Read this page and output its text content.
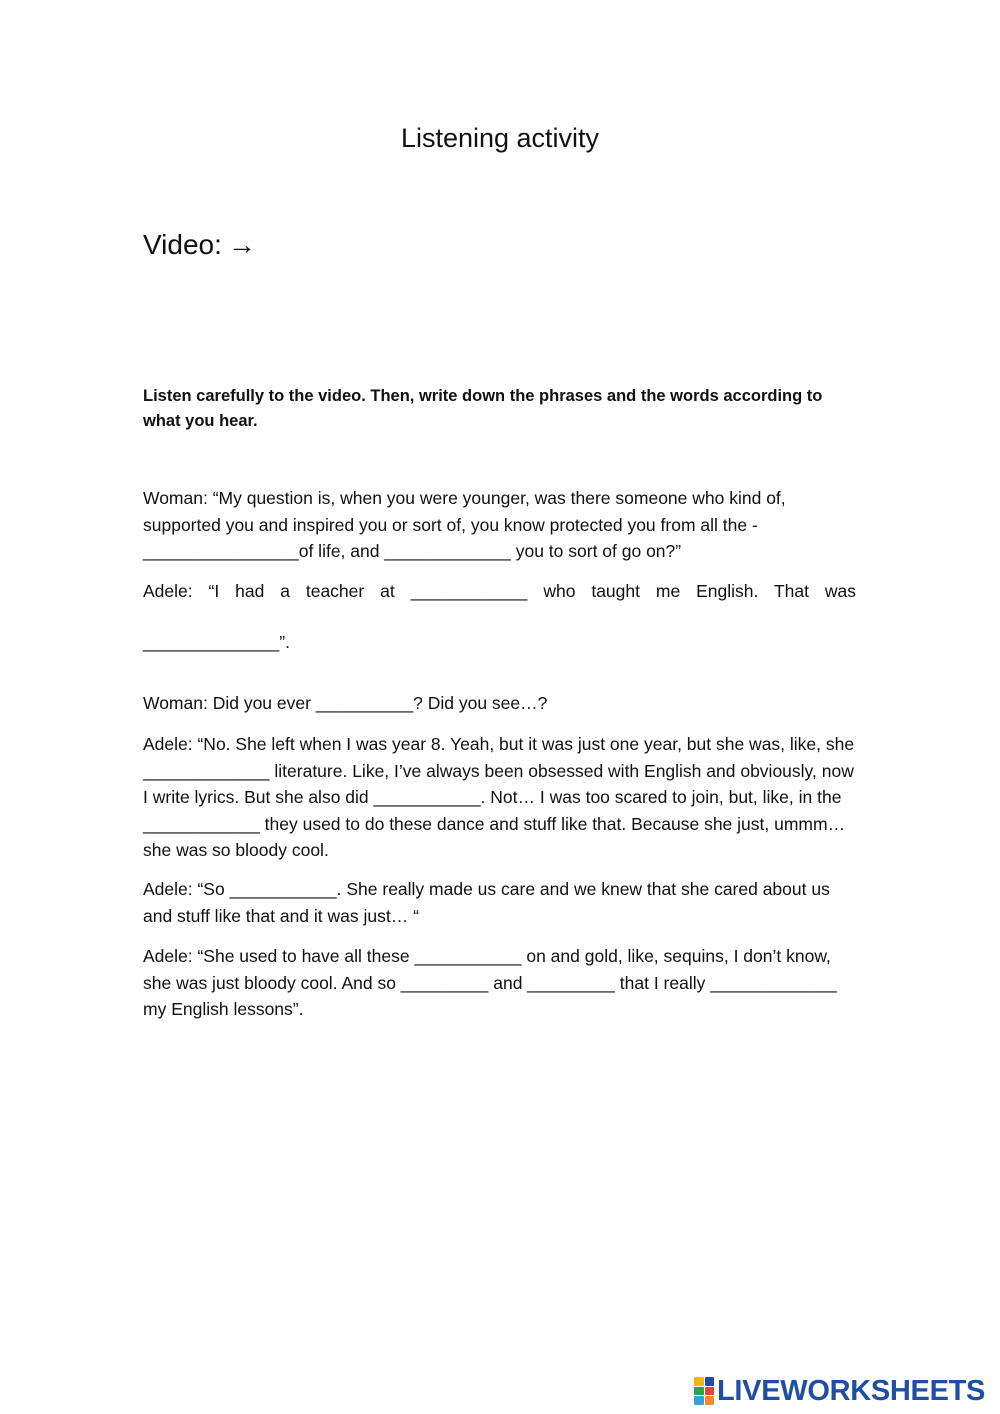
Listening activity
Video: →
Listen carefully to the video. Then, write down the phrases and the words according to what you hear.

Woman: “My question is, when you were younger, was there someone who kind of, supported you and inspired you or sort of, you know protected you from all the - ________________of life, and _____________ you to sort of go on?”

Adele: “I had a teacher at ____________ who taught me English. That was

______________”.

Woman: Did you ever __________? Did you see…?

Adele: “No. She left when I was year 8. Yeah, but it was just one year, but she was, like, she _____________ literature. Like, I’ve always been obsessed with English and obviously, now I write lyrics. But she also did ___________. Not… I was too scared to join, but, like, in the ____________ they used to do these dance and stuff like that. Because she just, ummm… she was so bloody cool.

Adele: “So ___________. She really made us care and we knew that she cared about us and stuff like that and it was just… “

Adele: “She used to have all these ___________ on and gold, like, sequins, I don’t know, she was just bloody cool. And so _________ and _________ that I really _____________ my English lessons”.

LIVEWORKSHEETS
